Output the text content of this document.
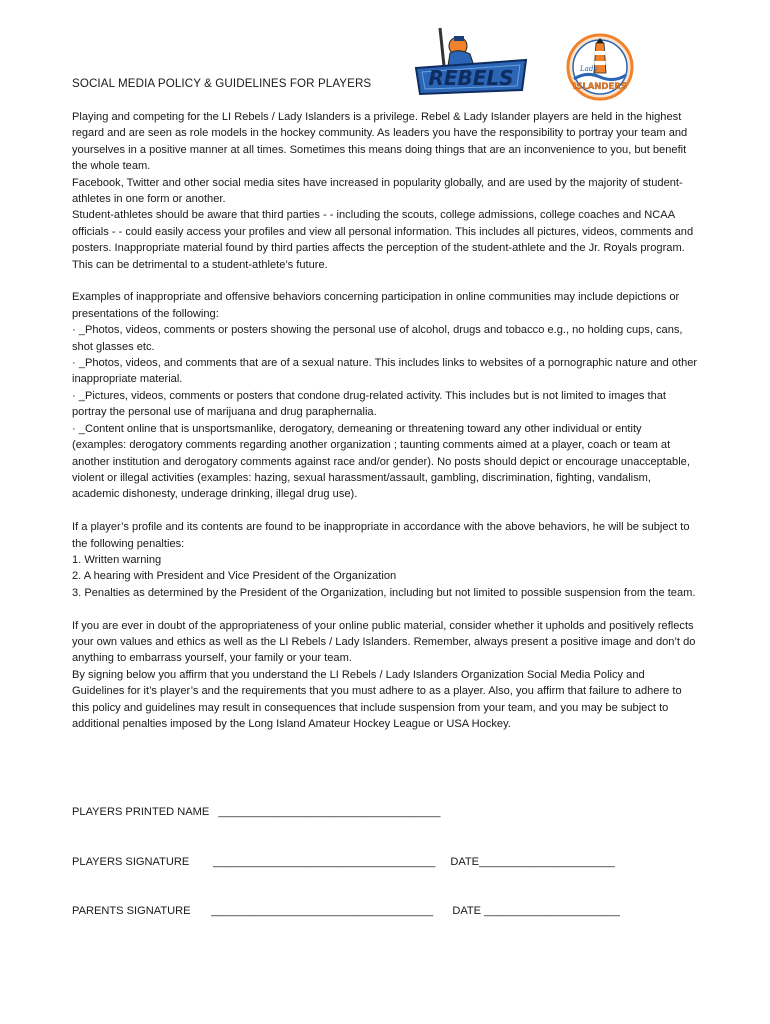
SOCIAL MEDIA POLICY & GUIDELINES FOR PLAYERS	REBELS	Lady
ISLANDERS

Playing and competing for the LI Rebels / Lady Islanders is a privilege. Rebel & Lady Islander players are held in the highest regard and are seen as role models in the hockey community. As leaders you have the responsibility to portray your team and yourselves in a positive manner at all times. Sometimes this means doing things that are an inconvenience to you, but benefit the whole team.

Facebook, Twitter and other social media sites have increased in popularity globally, and are used by the majority of student-athletes in one form or another.

Student-athletes should be aware that third parties - - including the scouts, college admissions, college coaches and NCAA officials - - could easily access your profiles and view all personal information. This includes all pictures, videos, comments and posters. Inappropriate material found by third parties affects the perception of the student-athlete and the Jr. Royals program. This can be detrimental to a student-athlete’s future.

Examples of inappropriate and offensive behaviors concerning participation in online communities may include depictions or presentations of the following:

· _Photos, videos, comments or posters showing the personal use of alcohol, drugs and tobacco e.g., no holding cups, cans, shot glasses etc.

· _Photos, videos, and comments that are of a sexual nature. This includes links to websites of a pornographic nature and other inappropriate material.

· _Pictures, videos, comments or posters that condone drug-related activity. This includes but is not limited to images that portray the personal use of marijuana and drug paraphernalia.

· _Content online that is unsportsmanlike, derogatory, demeaning or threatening toward any other individual or entity (examples: derogatory comments regarding another organization ; taunting comments aimed at a player, coach or team at another institution and derogatory comments against race and/or gender). No posts should depict or encourage unacceptable, violent or illegal activities (examples: hazing, sexual harassment/assault, gambling, discrimination, fighting, vandalism, academic dishonesty, underage drinking, illegal drug use).

If a player’s profile and its contents are found to be inappropriate in accordance with the above behaviors, he will be subject to the following penalties:

1. Written warning

2. A hearing with President and Vice President of the Organization

3. Penalties as determined by the President of the Organization, including but not limited to possible suspension from the team.

If you are ever in doubt of the appropriateness of your online public material, consider whether it upholds and positively reflects your own values and ethics as well as the LI Rebels / Lady Islanders. Remember, always present a positive image and don’t do anything to embarrass yourself, your family or your team.

By signing below you affirm that you understand the LI Rebels / Lady Islanders Organization Social Media Policy and Guidelines for it’s player’s and the requirements that you must adhere to as a player. Also, you affirm that failure to adhere to this policy and guidelines may result in consequences that include suspension from your team, and you may be subject to additional penalties imposed by the Long Island Amateur Hockey League or USA Hockey.

PLAYERS PRINTED NAME ____________________________________
PLAYERS SIGNATURE ____________________________________ DATE______________________
PARENTS SIGNATURE ____________________________________ DATE ______________________
